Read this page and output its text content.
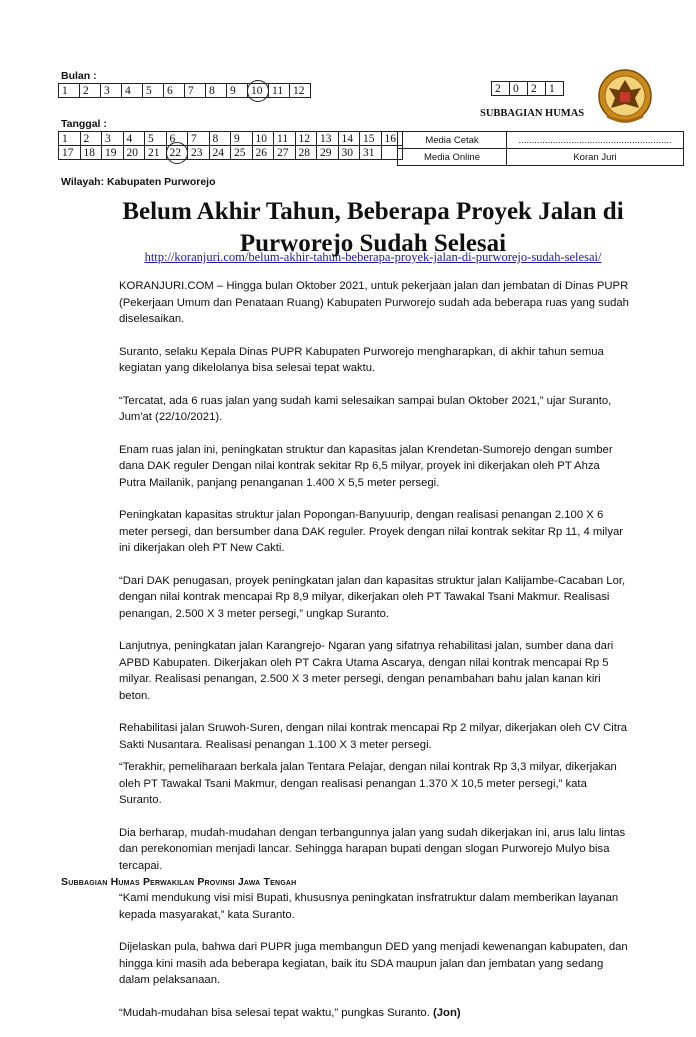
Bulan :
1	2	3	4	5	6	7	8	9	10	11	12	2	0	2	1
SUBBAGIAN HUMAS
Tanggal :
1	2	3	4	5	6	7	8	9	10	11	12	13	14	15	16
17	18	19	20	21	22	23	24	25	26	27	28	29	30	31	
Media Cetak	..........................................................
Media Online	Koran Juri
Wilayah: Kabupaten Purworejo
Belum Akhir Tahun, Beberapa Proyek Jalan di
Purworejo Sudah Selesai
http://koranjuri.com/belum-akhir-tahun-beberapa-proyek-jalan-di-purworejo-sudah-selesai/

KORANJURI.COM – Hingga bulan Oktober 2021, untuk pekerjaan jalan dan jembatan di Dinas PUPR (Pekerjaan Umum dan Penataan Ruang) Kabupaten Purworejo sudah ada beberapa ruas yang sudah diselesaikan.

Suranto, selaku Kepala Dinas PUPR Kabupaten Purworejo mengharapkan, di akhir tahun semua kegiatan yang dikelolanya bisa selesai tepat waktu.

“Tercatat, ada 6 ruas jalan yang sudah kami selesaikan sampai bulan Oktober 2021,” ujar Suranto, Jum'at (22/10/2021).

Enam ruas jalan ini, peningkatan struktur dan kapasitas jalan Krendetan-Sumorejo dengan sumber dana DAK reguler Dengan nilai kontrak sekitar Rp 6,5 milyar, proyek ini dikerjakan oleh PT Ahza Putra Mailanik, panjang penanganan 1.400 X 5,5 meter persegi.

Peningkatan kapasitas struktur jalan Popongan-Banyuurip, dengan realisasi penangan 2.100 X 6 meter persegi, dan bersumber dana DAK reguler. Proyek dengan nilai kontrak sekitar Rp 11, 4 milyar ini dikerjakan oleh PT New Cakti.

“Dari DAK penugasan, proyek peningkatan jalan dan kapasitas struktur jalan Kalijambe-Cacaban Lor, dengan nilai kontrak mencapai Rp 8,9 milyar, dikerjakan oleh PT Tawakal Tsani Makmur. Realisasi penangan, 2.500 X 3 meter persegi,” ungkap Suranto.

Lanjutnya, peningkatan jalan Karangrejo- Ngaran yang sifatnya rehabilitasi jalan, sumber dana dari APBD Kabupaten. Dikerjakan oleh PT Cakra Utama Ascarya, dengan nilai kontrak mencapai Rp 5 milyar. Realisasi penangan, 2.500 X 3 meter persegi, dengan penambahan bahu jalan kanan kiri beton.

Rehabilitasi jalan Sruwoh-Suren, dengan nilai kontrak mencapai Rp 2 milyar, dikerjakan oleh CV Citra Sakti Nusantara. Realisasi penangan 1.100 X 3 meter persegi.

“Terakhir, pemeliharaan berkala jalan Tentara Pelajar, dengan nilai kontrak Rp 3,3 milyar, dikerjakan oleh PT Tawakal Tsani Makmur, dengan realisasi penangan 1.370 X 10,5 meter persegi,” kata Suranto.

Dia berharap, mudah-mudahan dengan terbangunnya jalan yang sudah dikerjakan ini, arus lalu lintas dan perekonomian menjadi lancar. Sehingga harapan bupati dengan slogan Purworejo Mulyo bisa tercapai.

“Kami mendukung visi misi Bupati, khususnya peningkatan insfratruktur dalam memberikan layanan kepada masyarakat,” kata Suranto.

Dijelaskan pula, bahwa dari PUPR juga membangun DED yang menjadi kewenangan kabupaten, dan hingga kini masih ada beberapa kegiatan, baik itu SDA maupun jalan dan jembatan yang sedang dalam pelaksanaan.

“Mudah-mudahan bisa selesai tepat waktu,” pungkas Suranto. (Jon)

Subbagian Humas Perwakilan Provinsi Jawa Tengah
